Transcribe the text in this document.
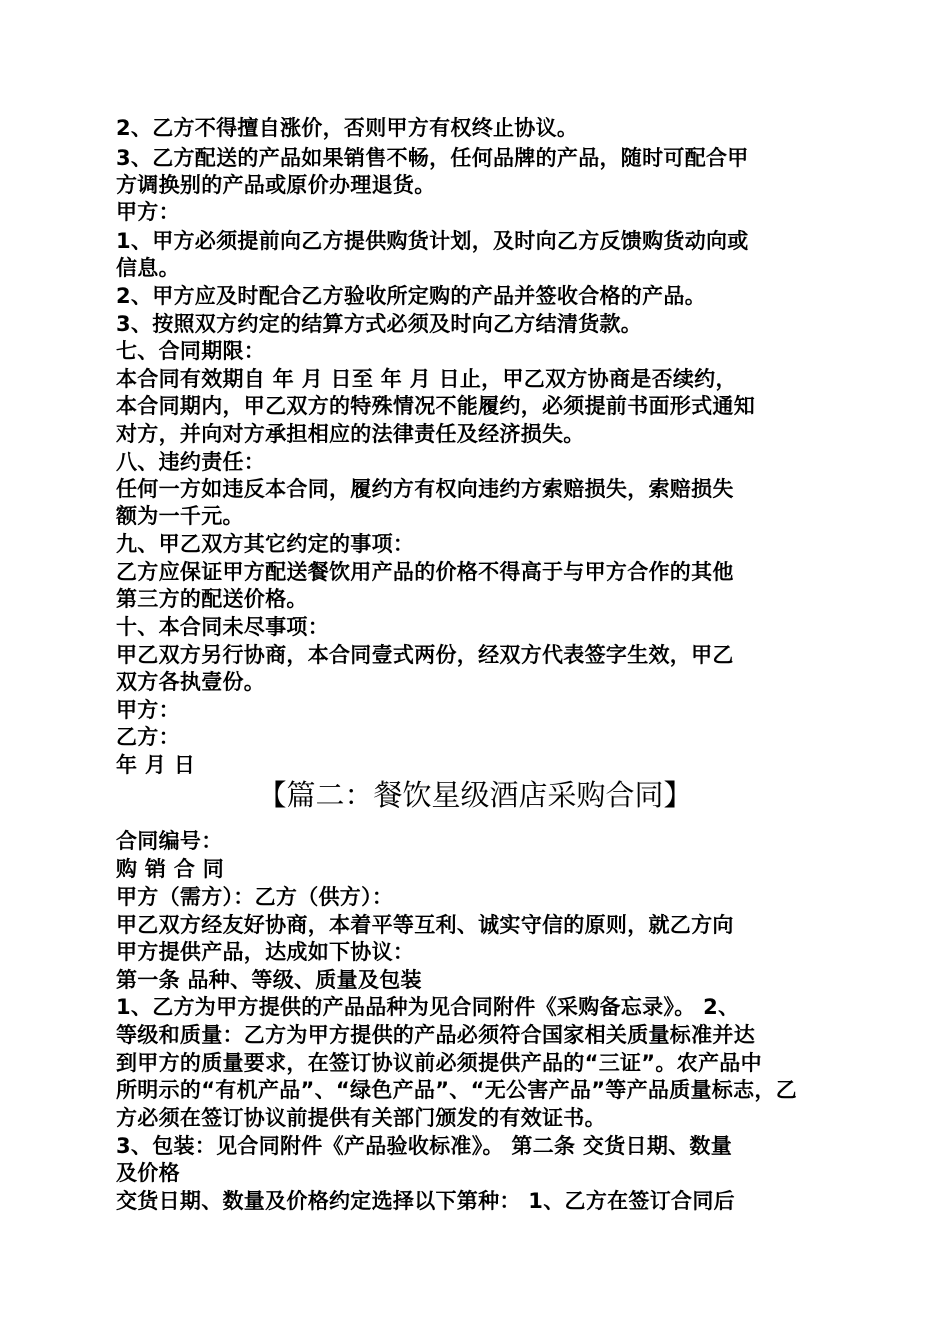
2、乙方不得擅自涨价，否则甲方有权终止协议。
3、乙方配送的产品如果销售不畅，任何品牌的产品，随时可配合甲
方调换别的产品或原价办理退货。
甲方：
1、甲方必须提前向乙方提供购货计划，及时向乙方反馈购货动向或
信息。
2、甲方应及时配合乙方验收所定购的产品并签收合格的产品。
3、按照双方约定的结算方式必须及时向乙方结清货款。
七、合同期限：
本合同有效期自 年 月 日至 年 月 日止，甲乙双方协商是否续约，
本合同期内，甲乙双方的特殊情况不能履约，必须提前书面形式通知
对方，并向对方承担相应的法律责任及经济损失。
八、违约责任：
任何一方如违反本合同，履约方有权向违约方索赔损失，索赔损失
额为一千元。
九、甲乙双方其它约定的事项：
乙方应保证甲方配送餐饮用产品的价格不得高于与甲方合作的其他
第三方的配送价格。
十、本合同未尽事项：
甲乙双方另行协商，本合同壹式两份，经双方代表签字生效，甲乙
双方各执壹份。
甲方：
乙方：
年 月 日
【篇二：餐饮星级酒店采购合同】
合同编号：
购 销 合 同
甲方（需方）：乙方（供方）：
甲乙双方经友好协商，本着平等互利、诚实守信的原则，就乙方向
甲方提供产品，达成如下协议：
第一条 品种、等级、质量及包装
1、乙方为甲方提供的产品品种为见合同附件《采购备忘录》。 2、
等级和质量：乙方为甲方提供的产品必须符合国家相关质量标准并达
到甲方的质量要求，在签订协议前必须提供产品的“三证”。农产品中
所明示的“有机产品”、“绿色产品”、“无公害产品”等产品质量标志，乙
方必须在签订协议前提供有关部门颁发的有效证书。
3、包装：见合同附件《产品验收标准》。 第二条 交货日期、数量
及价格
交货日期、数量及价格约定选择以下第种： 1、乙方在签订合同后
